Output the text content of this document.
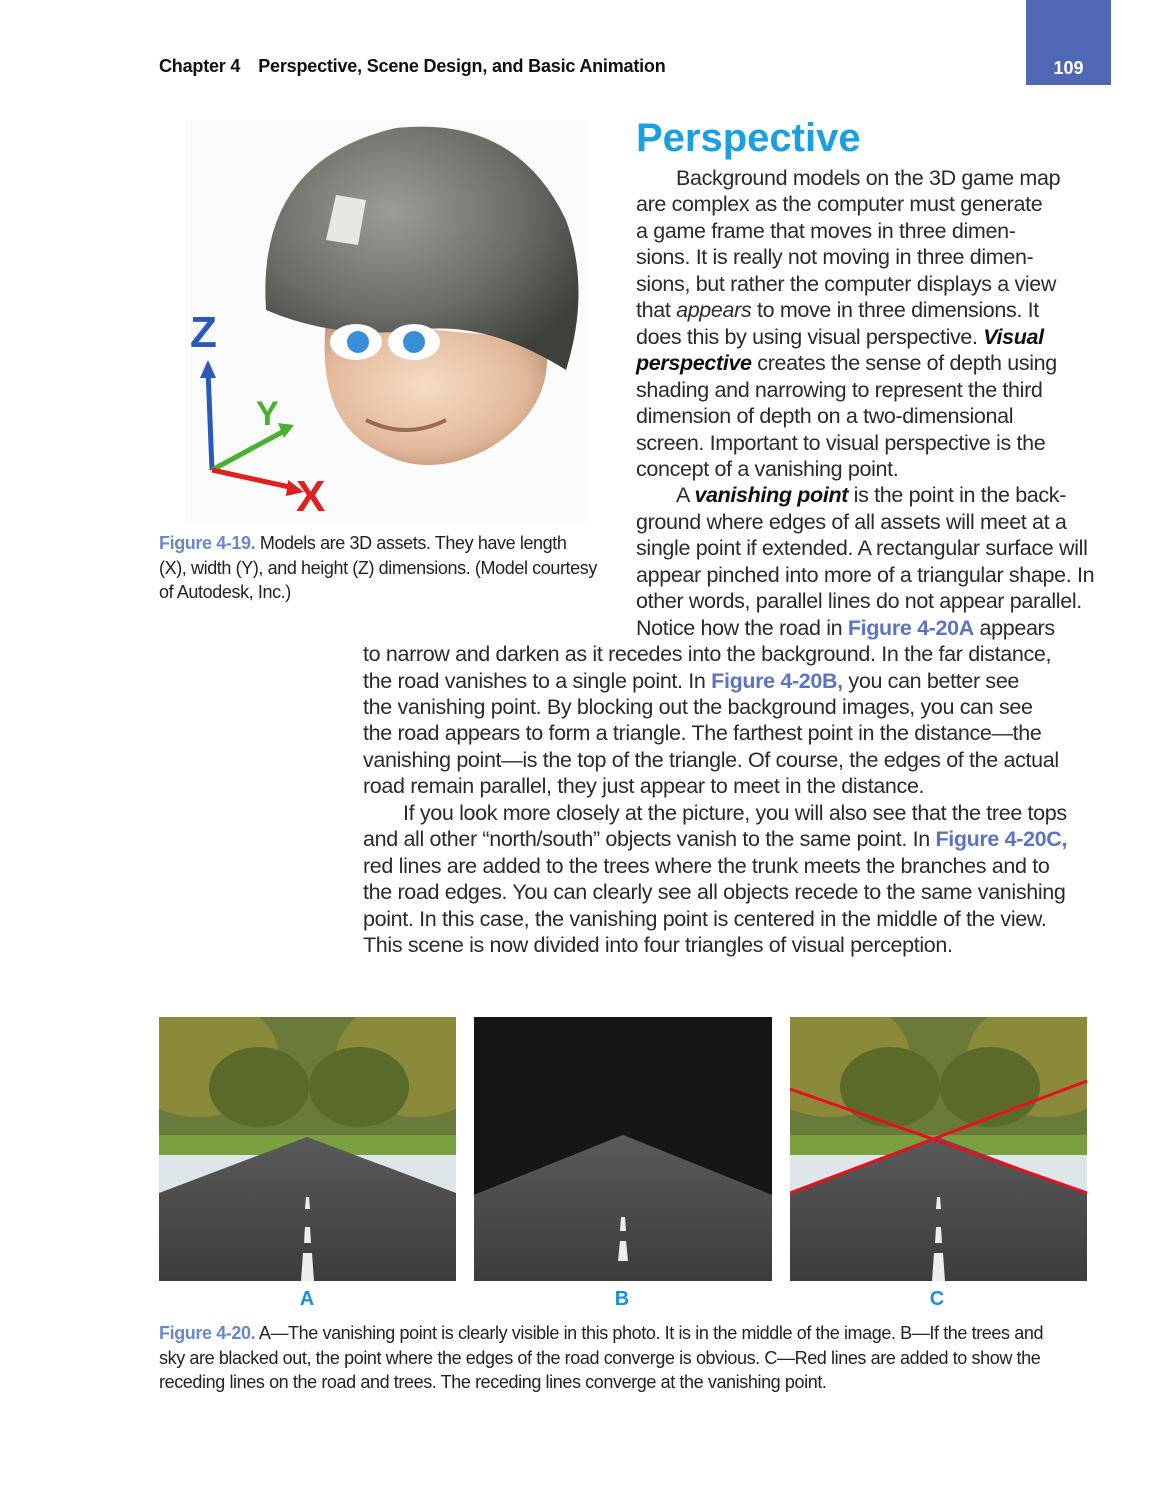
Chapter 4 Perspective, Scene Design, and Basic Animation	109
Z
Y
X
Figure 4-19. Models are 3D assets. They have length
(X), width (Y), and height (Z) dimensions. (Model courtesy
of Autodesk, Inc.)
Perspective
Background models on the 3D game map
are complex as the computer must generate
a game frame that moves in three dimen-
sions. It is really not moving in three dimen-
sions, but rather the computer displays a view
that appears to move in three dimensions. It
does this by using visual perspective. Visual
perspective creates the sense of depth using
shading and narrowing to represent the third
dimension of depth on a two-dimensional
screen. Important to visual perspective is the
concept of a vanishing point.
A vanishing point is the point in the back-
ground where edges of all assets will meet at a
single point if extended. A rectangular surface will
appear pinched into more of a triangular shape. In
other words, parallel lines do not appear parallel.
Notice how the road in Figure 4-20A appears
to narrow and darken as it recedes into the background. In the far distance,
the road vanishes to a single point. In Figure 4-20B, you can better see
the vanishing point. By blocking out the background images, you can see
the road appears to form a triangle. The farthest point in the distance—the
vanishing point—is the top of the triangle. Of course, the edges of the actual
road remain parallel, they just appear to meet in the distance.
If you look more closely at the picture, you will also see that the tree tops
and all other “north/south” objects vanish to the same point. In Figure 4-20C,
red lines are added to the trees where the trunk meets the branches and to
the road edges. You can clearly see all objects recede to the same vanishing
point. In this case, the vanishing point is centered in the middle of the view.
This scene is now divided into four triangles of visual perception.
A	B	C
Figure 4-20. A—The vanishing point is clearly visible in this photo. It is in the middle of the image. B—If the trees and
sky are blacked out, the point where the edges of the road converge is obvious. C—Red lines are added to show the
receding lines on the road and trees. The receding lines converge at the vanishing point.
